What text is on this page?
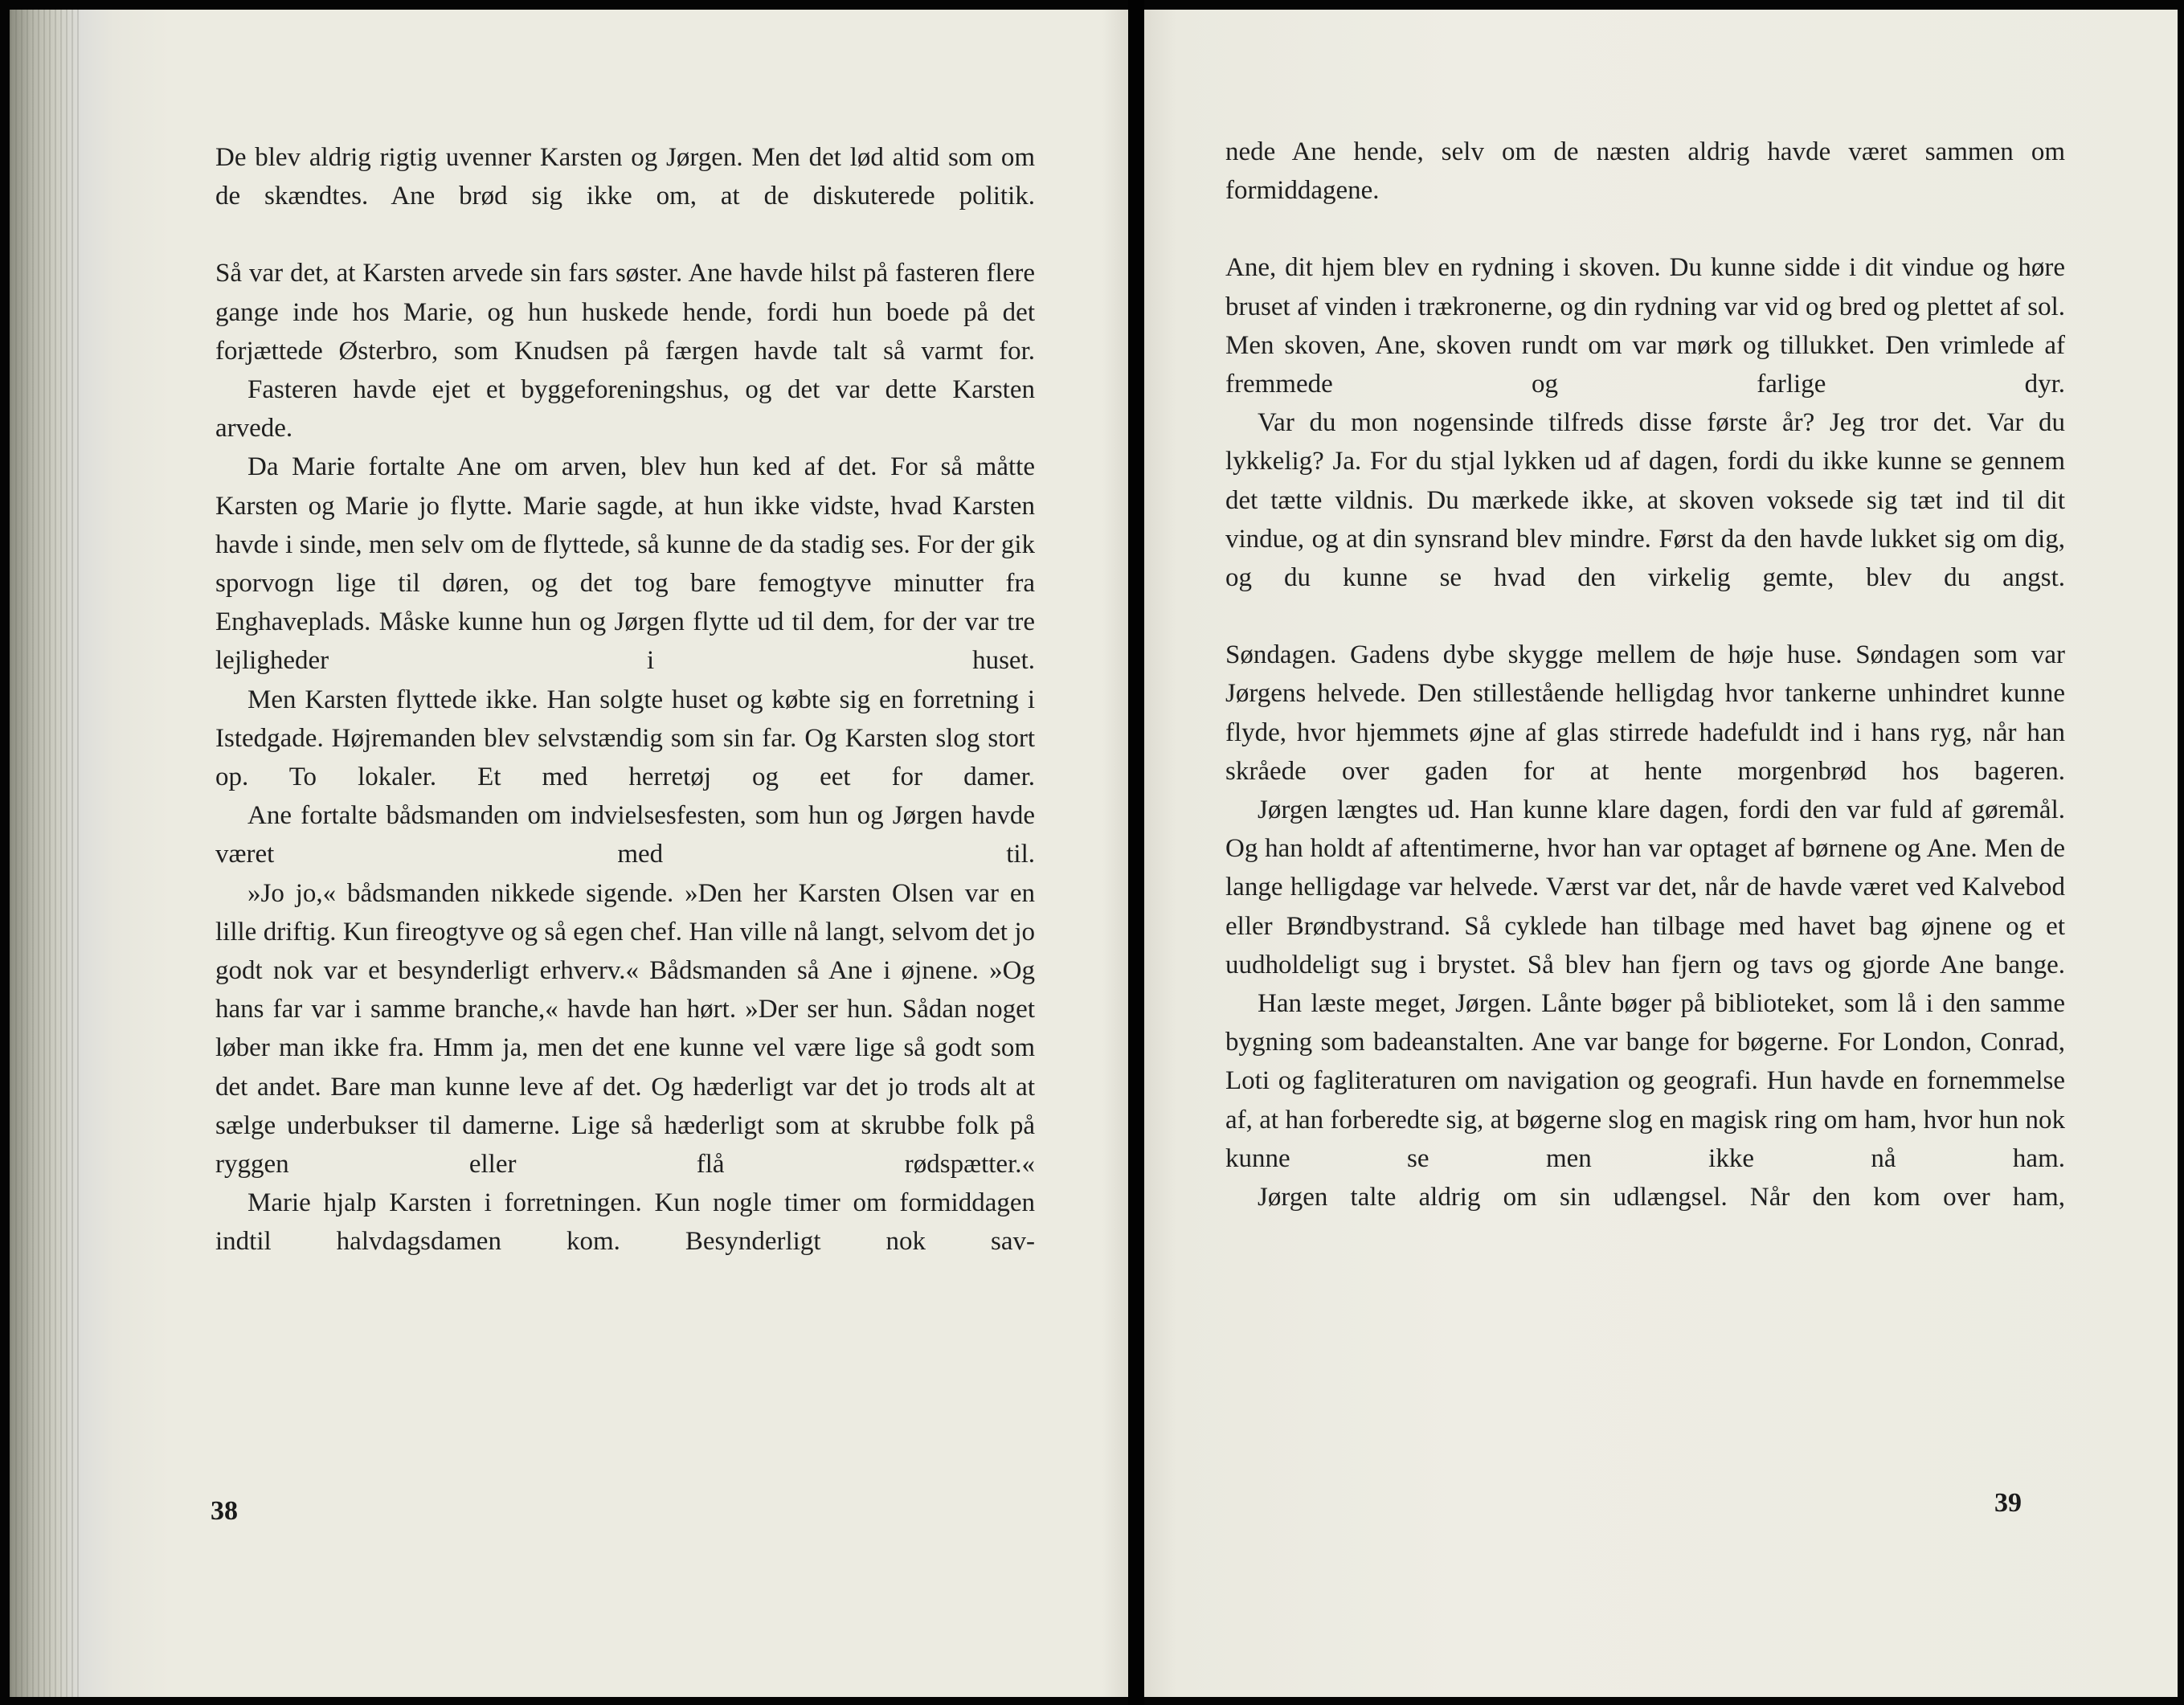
De blev aldrig rigtig uvenner Karsten og Jørgen. Men det lød altid som om de skændtes. Ane brød sig ikke om, at de diskuterede politik.

Så var det, at Karsten arvede sin fars søster. Ane havde hilst på fasteren flere gange inde hos Marie, og hun huskede hende, fordi hun boede på det forjættede Østerbro, som Knudsen på færgen havde talt så varmt for.

Fasteren havde ejet et byggeforeningshus, og det var dette Karsten arvede.

Da Marie fortalte Ane om arven, blev hun ked af det. For så måtte Karsten og Marie jo flytte. Marie sagde, at hun ikke vidste, hvad Karsten havde i sinde, men selv om de flyttede, så kunne de da stadig ses. For der gik sporvogn lige til døren, og det tog bare femogtyve minutter fra Enghaveplads. Måske kunne hun og Jørgen flytte ud til dem, for der var tre lejligheder i huset.

Men Karsten flyttede ikke. Han solgte huset og købte sig en forretning i Istedgade. Højremanden blev selvstændig som sin far. Og Karsten slog stort op. To lokaler. Et med herretøj og eet for damer.

Ane fortalte bådsmanden om indvielsesfesten, som hun og Jørgen havde været med til.

»Jo jo,« bådsmanden nikkede sigende. »Den her Karsten Olsen var en lille driftig. Kun fireogtyve og så egen chef. Han ville nå langt, selvom det jo godt nok var et besynderligt erhverv.« Bådsmanden så Ane i øjnene. »Og hans far var i samme branche,« havde han hørt. »Der ser hun. Sådan noget løber man ikke fra. Hmm ja, men det ene kunne vel være lige så godt som det andet. Bare man kunne leve af det. Og hæderligt var det jo trods alt at sælge underbukser til damerne. Lige så hæderligt som at skrubbe folk på ryggen eller flå rødspætter.«

Marie hjalp Karsten i forretningen. Kun nogle timer om formiddagen indtil halvdagsdamen kom. Besynderligt nok sav-

38

nede Ane hende, selv om de næsten aldrig havde været sammen om formiddagene.

Ane, dit hjem blev en rydning i skoven. Du kunne sidde i dit vindue og høre bruset af vinden i trækronerne, og din rydning var vid og bred og plettet af sol. Men skoven, Ane, skoven rundt om var mørk og tillukket. Den vrimlede af fremmede og farlige dyr.

Var du mon nogensinde tilfreds disse første år? Jeg tror det. Var du lykkelig? Ja. For du stjal lykken ud af dagen, fordi du ikke kunne se gennem det tætte vildnis. Du mærkede ikke, at skoven voksede sig tæt ind til dit vindue, og at din synsrand blev mindre. Først da den havde lukket sig om dig, og du kunne se hvad den virkelig gemte, blev du angst.

Søndagen. Gadens dybe skygge mellem de høje huse. Søndagen som var Jørgens helvede. Den stillestående helligdag hvor tankerne unhindret kunne flyde, hvor hjemmets øjne af glas stirrede hadefuldt ind i hans ryg, når han skråede over gaden for at hente morgenbrød hos bageren.

Jørgen længtes ud. Han kunne klare dagen, fordi den var fuld af gøremål. Og han holdt af aftentimerne, hvor han var optaget af børnene og Ane. Men de lange helligdage var helvede. Værst var det, når de havde været ved Kalvebod eller Brøndbystrand. Så cyklede han tilbage med havet bag øjnene og et uudholdeligt sug i brystet. Så blev han fjern og tavs og gjorde Ane bange.

Han læste meget, Jørgen. Lånte bøger på biblioteket, som lå i den samme bygning som badeanstalten. Ane var bange for bøgerne. For London, Conrad, Loti og fagliteraturen om navigation og geografi. Hun havde en fornemmelse af, at han forberedte sig, at bøgerne slog en magisk ring om ham, hvor hun nok kunne se men ikke nå ham.

Jørgen talte aldrig om sin udlængsel. Når den kom over ham,

39
